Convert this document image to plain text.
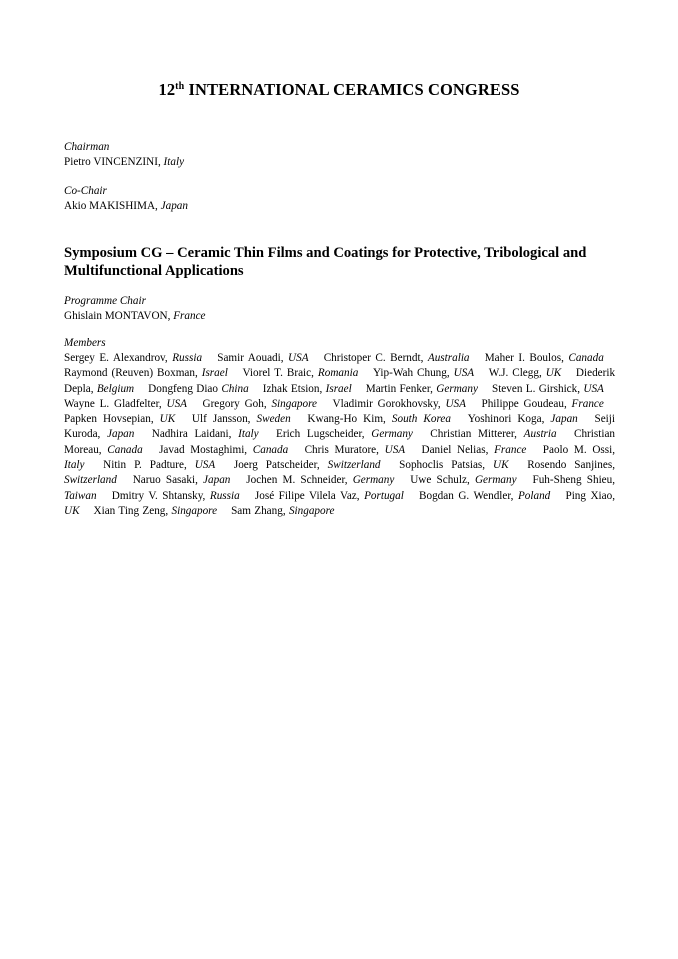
12th INTERNATIONAL CERAMICS CONGRESS
Chairman
Pietro VINCENZINI, Italy
Co-Chair
Akio MAKISHIMA, Japan
Symposium CG – Ceramic Thin Films and Coatings for Protective, Tribological and Multifunctional Applications
Programme Chair
Ghislain MONTAVON, France
Members
Sergey E. Alexandrov, Russia  Samir Aouadi, USA  Christoper C. Berndt, Australia  Maher I. Boulos, Canada  Raymond (Reuven) Boxman, Israel  Viorel T. Braic, Romania  Yip-Wah Chung, USA  W.J. Clegg, UK  Diederik Depla, Belgium  Dongfeng Diao China  Izhak Etsion, Israel  Martin Fenker, Germany  Steven L. Girshick, USA  Wayne L. Gladfelter, USA  Gregory Goh, Singapore  Vladimir Gorokhovsky, USA  Philippe Goudeau, France  Papken Hovsepian, UK  Ulf Jansson, Sweden  Kwang-Ho Kim, South Korea  Yoshinori Koga, Japan  Seiji Kuroda, Japan  Nadhira Laidani, Italy  Erich Lugscheider, Germany  Christian Mitterer, Austria  Christian Moreau, Canada  Javad Mostaghimi, Canada  Chris Muratore, USA  Daniel Nelias, France  Paolo M. Ossi, Italy  Nitin P. Padture, USA  Joerg Patscheider, Switzerland  Sophoclis Patsias, UK  Rosendo Sanjines, Switzerland  Naruo Sasaki, Japan  Jochen M. Schneider, Germany  Uwe Schulz, Germany  Fuh-Sheng Shieu, Taiwan  Dmitry V. Shtansky, Russia  José Filipe Vilela Vaz, Portugal  Bogdan G. Wendler, Poland  Ping Xiao, UK  Xian Ting Zeng, Singapore  Sam Zhang, Singapore
